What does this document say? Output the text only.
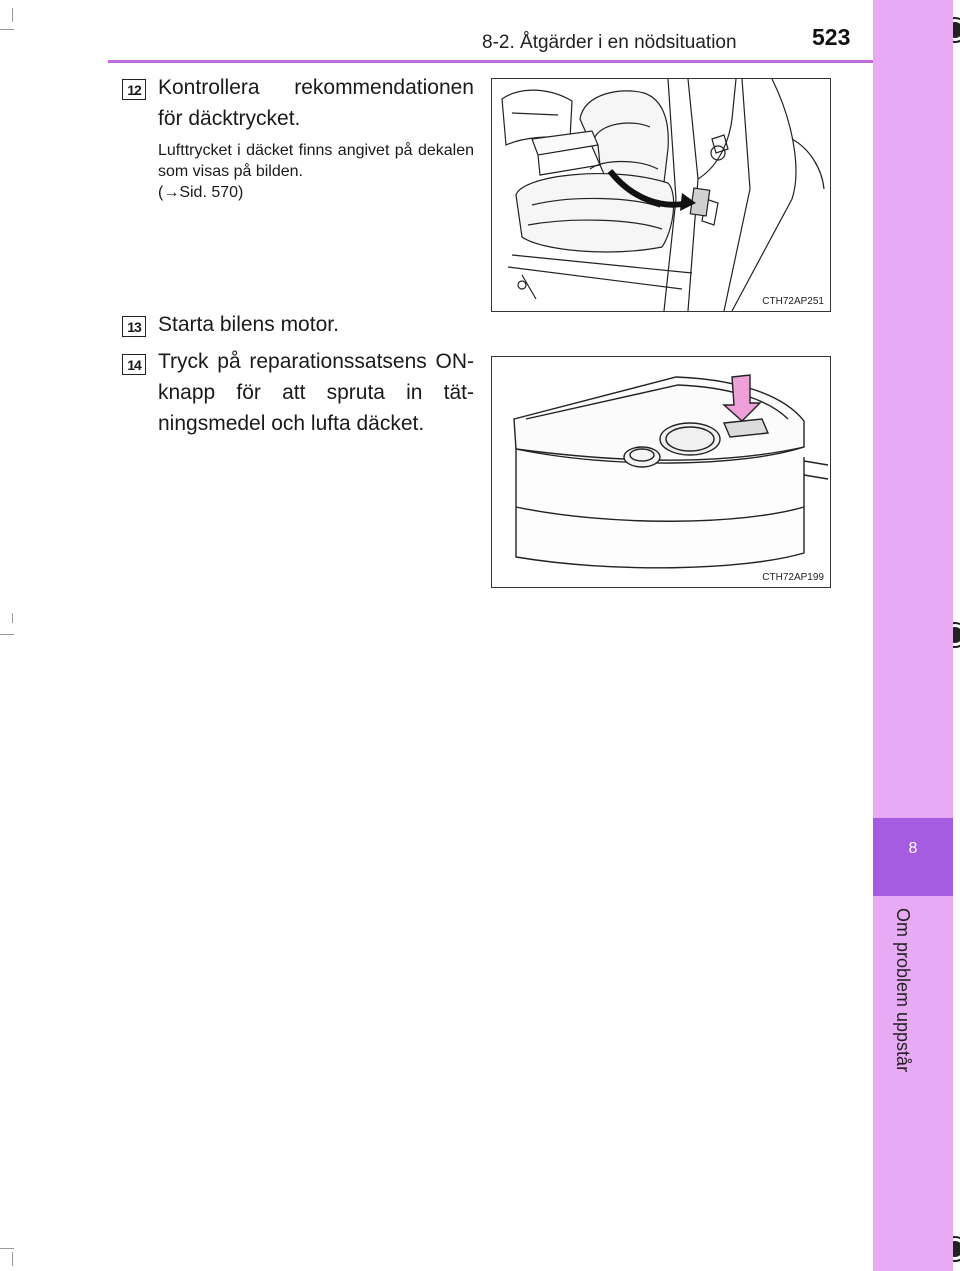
8-2. Åtgärder i en nödsituation	523
8
Om problem uppstår
12 Kontrollera rekommendationen för däcktrycket.
Lufttrycket i däcket finns angivet på dekalen som visas på bilden.
(→Sid. 570)
13 Starta bilens motor.
14 Tryck på reparationssatsens ON-knapp för att spruta in tät-ningsmedel och lufta däcket.
CTH72AP251
CTH72AP199
